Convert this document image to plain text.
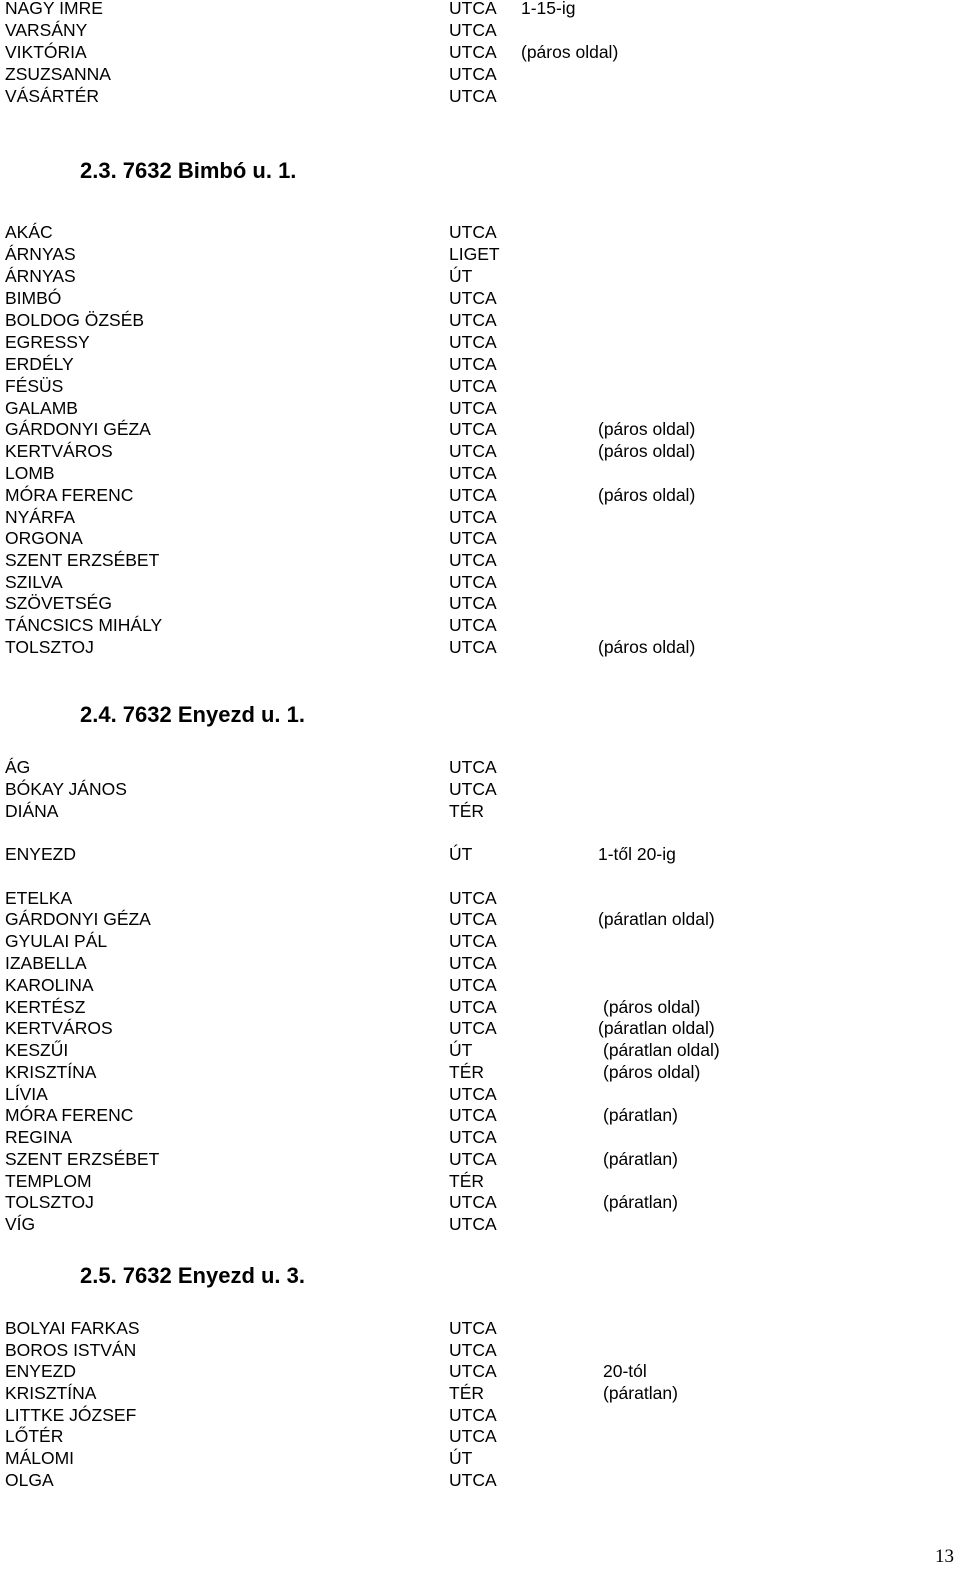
NAGY IMRE	UTCA 1-15-ig
VARSÁNY	UTCA
VIKTÓRIA	UTCA (páros oldal)
ZSUZSANNA	UTCA
VÁSÁRTÉR	UTCA
2.3. 7632 Bimbó u. 1.
AKÁC	UTCA
ÁRNYAS	LIGET
ÁRNYAS	ÚT
BIMBÓ	UTCA
BOLDOG ÖZSÉB	UTCA
EGRESSY	UTCA
ERDÉLY	UTCA
FÉSÜS	UTCA
GALAMB	UTCA
GÁRDONYI GÉZA	UTCA	(páros oldal)
KERTVÁROS	UTCA	(páros oldal)
LOMB	UTCA
MÓRA FERENC	UTCA	(páros oldal)
NYÁRFA	UTCA
ORGONA	UTCA
SZENT ERZSÉBET	UTCA
SZILVA	UTCA
SZÖVETSÉG	UTCA
TÁNCSICS MIHÁLY	UTCA
TOLSZTOJ	UTCA	(páros oldal)
2.4. 7632 Enyezd u. 1.
ÁG	UTCA
BÓKAY JÁNOS	UTCA
DIÁNA	TÉR
ENYEZD	ÚT	1-től 20-ig
ETELKA	UTCA
GÁRDONYI GÉZA	UTCA	(páratlan oldal)
GYULAI PÁL	UTCA
IZABELLA	UTCA
KAROLINA	UTCA
KERTÉSZ	UTCA	(páros oldal)
KERTVÁROS	UTCA	(páratlan oldal)
KESZŰI	ÚT	(páratlan oldal)
KRISZTÍNA	TÉR	(páros oldal)
LÍVIA	UTCA
MÓRA FERENC	UTCA	(páratlan)
REGINA	UTCA
SZENT ERZSÉBET	UTCA	(páratlan)
TEMPLOM	TÉR
TOLSZTOJ	UTCA	(páratlan)
VÍG	UTCA
2.5. 7632 Enyezd u. 3.
BOLYAI FARKAS	UTCA
BOROS ISTVÁN	UTCA
ENYEZD	UTCA	20-tól
KRISZTÍNA	TÉR	(páratlan)
LITTKE JÓZSEF	UTCA
LŐTÉR	UTCA
MÁLOMI	ÚT
OLGA	UTCA
13
